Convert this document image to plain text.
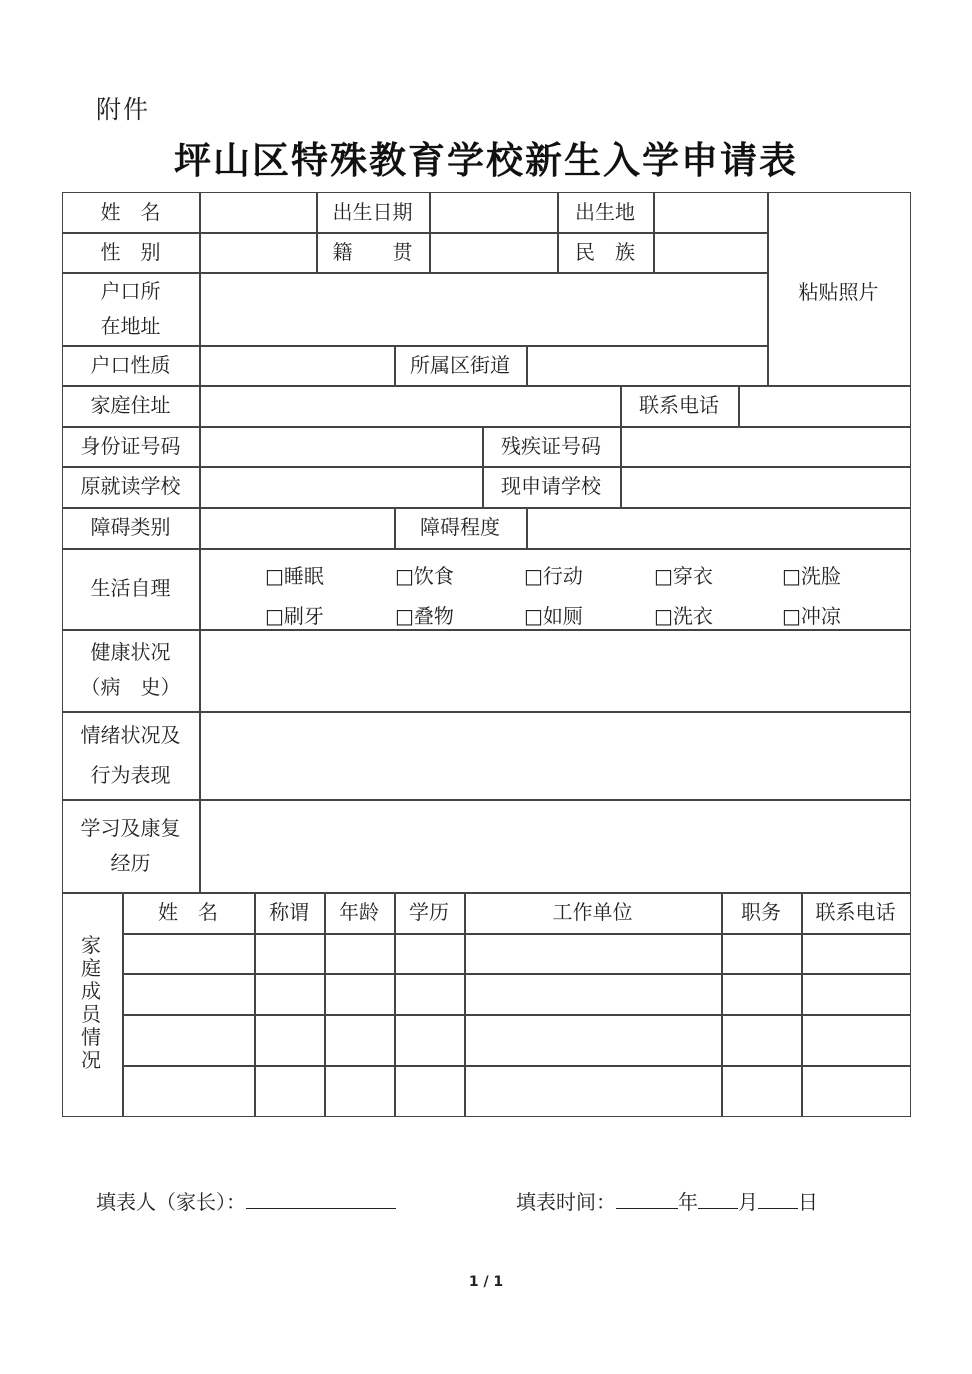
附件
坪山区特殊教育学校新生入学申请表
姓　名	出生日期	出生地
粘贴照片
性　别	籍　　贯	民　族
户口所在地址
户口性质	所属区街道
家庭住址	联系电话
身份证号码	残疾证号码
原就读学校	现申请学校
障碍类别	障碍程度
生活自理	□睡眠	□饮食	□行动	□穿衣	□洗脸
□刷牙	□叠物	□如厕	□洗衣	□冲凉
健康状况（病　史）
情绪状况及行为表现
学习及康复经历
家
庭
成
员
情
况
姓　名	称谓	年龄	学历	工作单位	职务	联系电话
填表人（家长）：	填表时间：	年 月 日
1 / 1
